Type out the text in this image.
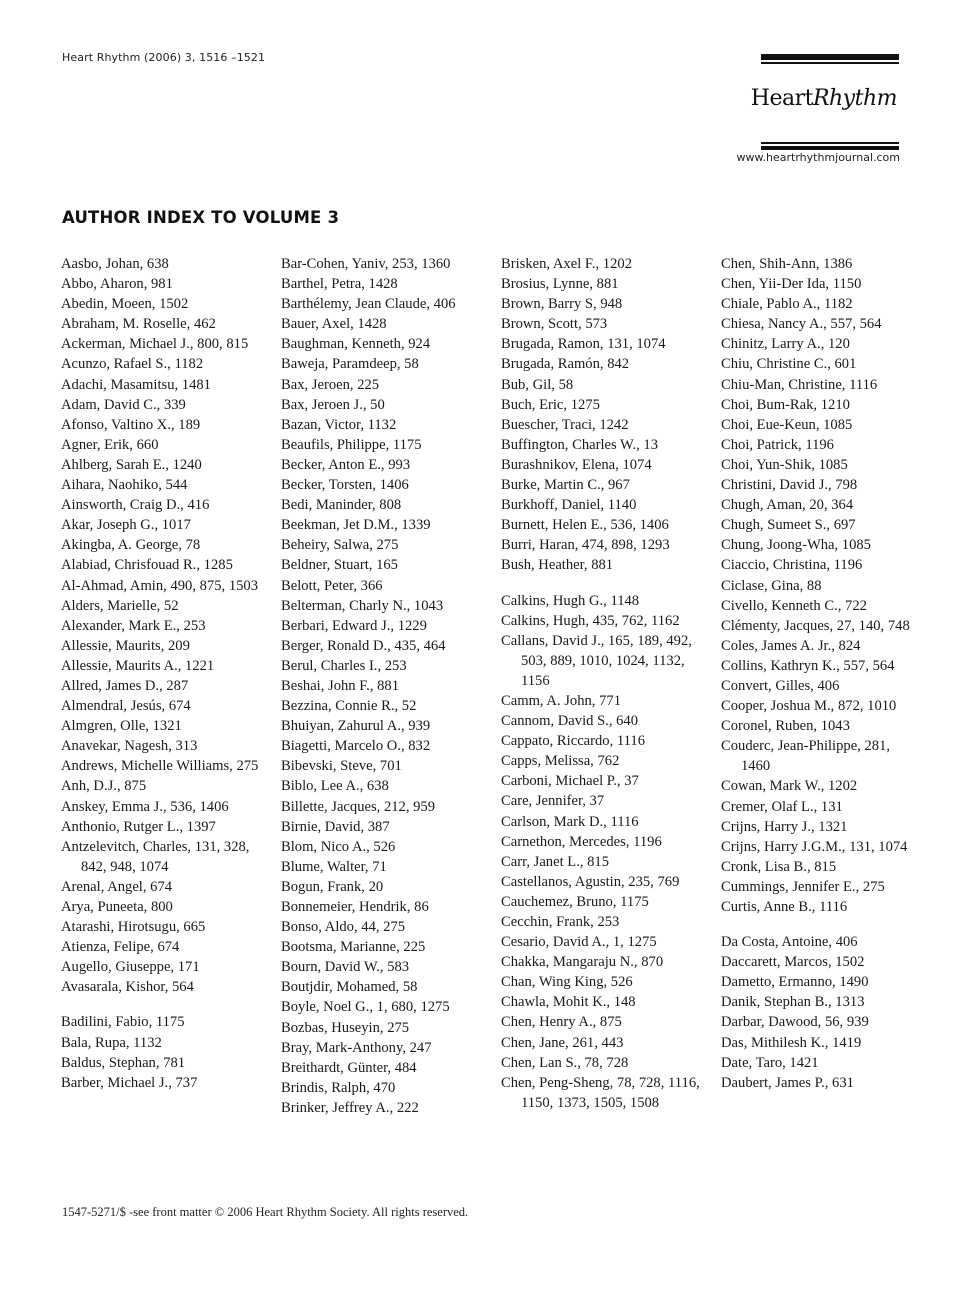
Heart Rhythm (2006) 3, 1516 –1521
HeartRhythm
www.heartrhythmjournal.com
AUTHOR INDEX TO VOLUME 3
Aasbo, Johan, 638
Abbo, Aharon, 981
Abedin, Moeen, 1502
Abraham, M. Roselle, 462
Ackerman, Michael J., 800, 815
Acunzo, Rafael S., 1182
Adachi, Masamitsu, 1481
Adam, David C., 339
Afonso, Valtino X., 189
Agner, Erik, 660
Ahlberg, Sarah E., 1240
Aihara, Naohiko, 544
Ainsworth, Craig D., 416
Akar, Joseph G., 1017
Akingba, A. George, 78
Alabiad, Chrisfouad R., 1285
Al-Ahmad, Amin, 490, 875, 1503
Alders, Marielle, 52
Alexander, Mark E., 253
Allessie, Maurits, 209
Allessie, Maurits A., 1221
Allred, James D., 287
Almendral, Jesús, 674
Almgren, Olle, 1321
Anavekar, Nagesh, 313
Andrews, Michelle Williams, 275
Anh, D.J., 875
Anskey, Emma J., 536, 1406
Anthonio, Rutger L., 1397
Antzelevitch, Charles, 131, 328, 842, 948, 1074
Arenal, Angel, 674
Arya, Puneeta, 800
Atarashi, Hirotsugu, 665
Atienza, Felipe, 674
Augello, Giuseppe, 171
Avasarala, Kishor, 564
Badilini, Fabio, 1175
Bala, Rupa, 1132
Baldus, Stephan, 781
Barber, Michael J., 737
Bar-Cohen, Yaniv, 253, 1360
Barthel, Petra, 1428
Barthélemy, Jean Claude, 406
Bauer, Axel, 1428
Baughman, Kenneth, 924
Baweja, Paramdeep, 58
Bax, Jeroen, 225
Bax, Jeroen J., 50
Bazan, Victor, 1132
Beaufils, Philippe, 1175
Becker, Anton E., 993
Becker, Torsten, 1406
Bedi, Maninder, 808
Beekman, Jet D.M., 1339
Beheiry, Salwa, 275
Beldner, Stuart, 165
Belott, Peter, 366
Belterman, Charly N., 1043
Berbari, Edward J., 1229
Berger, Ronald D., 435, 464
Berul, Charles I., 253
Beshai, John F., 881
Bezzina, Connie R., 52
Bhuiyan, Zahurul A., 939
Biagetti, Marcelo O., 832
Bibevski, Steve, 701
Biblo, Lee A., 638
Billette, Jacques, 212, 959
Birnie, David, 387
Blom, Nico A., 526
Blume, Walter, 71
Bogun, Frank, 20
Bonnemeier, Hendrik, 86
Bonso, Aldo, 44, 275
Bootsma, Marianne, 225
Bourn, David W., 583
Boutjdir, Mohamed, 58
Boyle, Noel G., 1, 680, 1275
Bozbas, Huseyin, 275
Bray, Mark-Anthony, 247
Breithardt, Günter, 484
Brindis, Ralph, 470
Brinker, Jeffrey A., 222
Brisken, Axel F., 1202
Brosius, Lynne, 881
Brown, Barry S, 948
Brown, Scott, 573
Brugada, Ramon, 131, 1074
Brugada, Ramón, 842
Bub, Gil, 58
Buch, Eric, 1275
Buescher, Traci, 1242
Buffington, Charles W., 13
Burashnikov, Elena, 1074
Burke, Martin C., 967
Burkhoff, Daniel, 1140
Burnett, Helen E., 536, 1406
Burri, Haran, 474, 898, 1293
Bush, Heather, 881
Calkins, Hugh G., 1148
Calkins, Hugh, 435, 762, 1162
Callans, David J., 165, 189, 492, 503, 889, 1010, 1024, 1132, 1156
Camm, A. John, 771
Cannom, David S., 640
Cappato, Riccardo, 1116
Capps, Melissa, 762
Carboni, Michael P., 37
Care, Jennifer, 37
Carlson, Mark D., 1116
Carnethon, Mercedes, 1196
Carr, Janet L., 815
Castellanos, Agustin, 235, 769
Cauchemez, Bruno, 1175
Cecchin, Frank, 253
Cesario, David A., 1, 1275
Chakka, Mangaraju N., 870
Chan, Wing King, 526
Chawla, Mohit K., 148
Chen, Henry A., 875
Chen, Jane, 261, 443
Chen, Lan S., 78, 728
Chen, Peng-Sheng, 78, 728, 1116, 1150, 1373, 1505, 1508
Chen, Shih-Ann, 1386
Chen, Yii-Der Ida, 1150
Chiale, Pablo A., 1182
Chiesa, Nancy A., 557, 564
Chinitz, Larry A., 120
Chiu, Christine C., 601
Chiu-Man, Christine, 1116
Choi, Bum-Rak, 1210
Choi, Eue-Keun, 1085
Choi, Patrick, 1196
Choi, Yun-Shik, 1085
Christini, David J., 798
Chugh, Aman, 20, 364
Chugh, Sumeet S., 697
Chung, Joong-Wha, 1085
Ciaccio, Christina, 1196
Ciclase, Gina, 88
Civello, Kenneth C., 722
Clémenty, Jacques, 27, 140, 748
Coles, James A. Jr., 824
Collins, Kathryn K., 557, 564
Convert, Gilles, 406
Cooper, Joshua M., 872, 1010
Coronel, Ruben, 1043
Couderc, Jean-Philippe, 281, 1460
Cowan, Mark W., 1202
Cremer, Olaf L., 131
Crijns, Harry J., 1321
Crijns, Harry J.G.M., 131, 1074
Cronk, Lisa B., 815
Cummings, Jennifer E., 275
Curtis, Anne B., 1116
Da Costa, Antoine, 406
Daccarett, Marcos, 1502
Dametto, Ermanno, 1490
Danik, Stephan B., 1313
Darbar, Dawood, 56, 939
Das, Mithilesh K., 1419
Date, Taro, 1421
Daubert, James P., 631
1547-5271/$ -see front matter © 2006 Heart Rhythm Society. All rights reserved.
